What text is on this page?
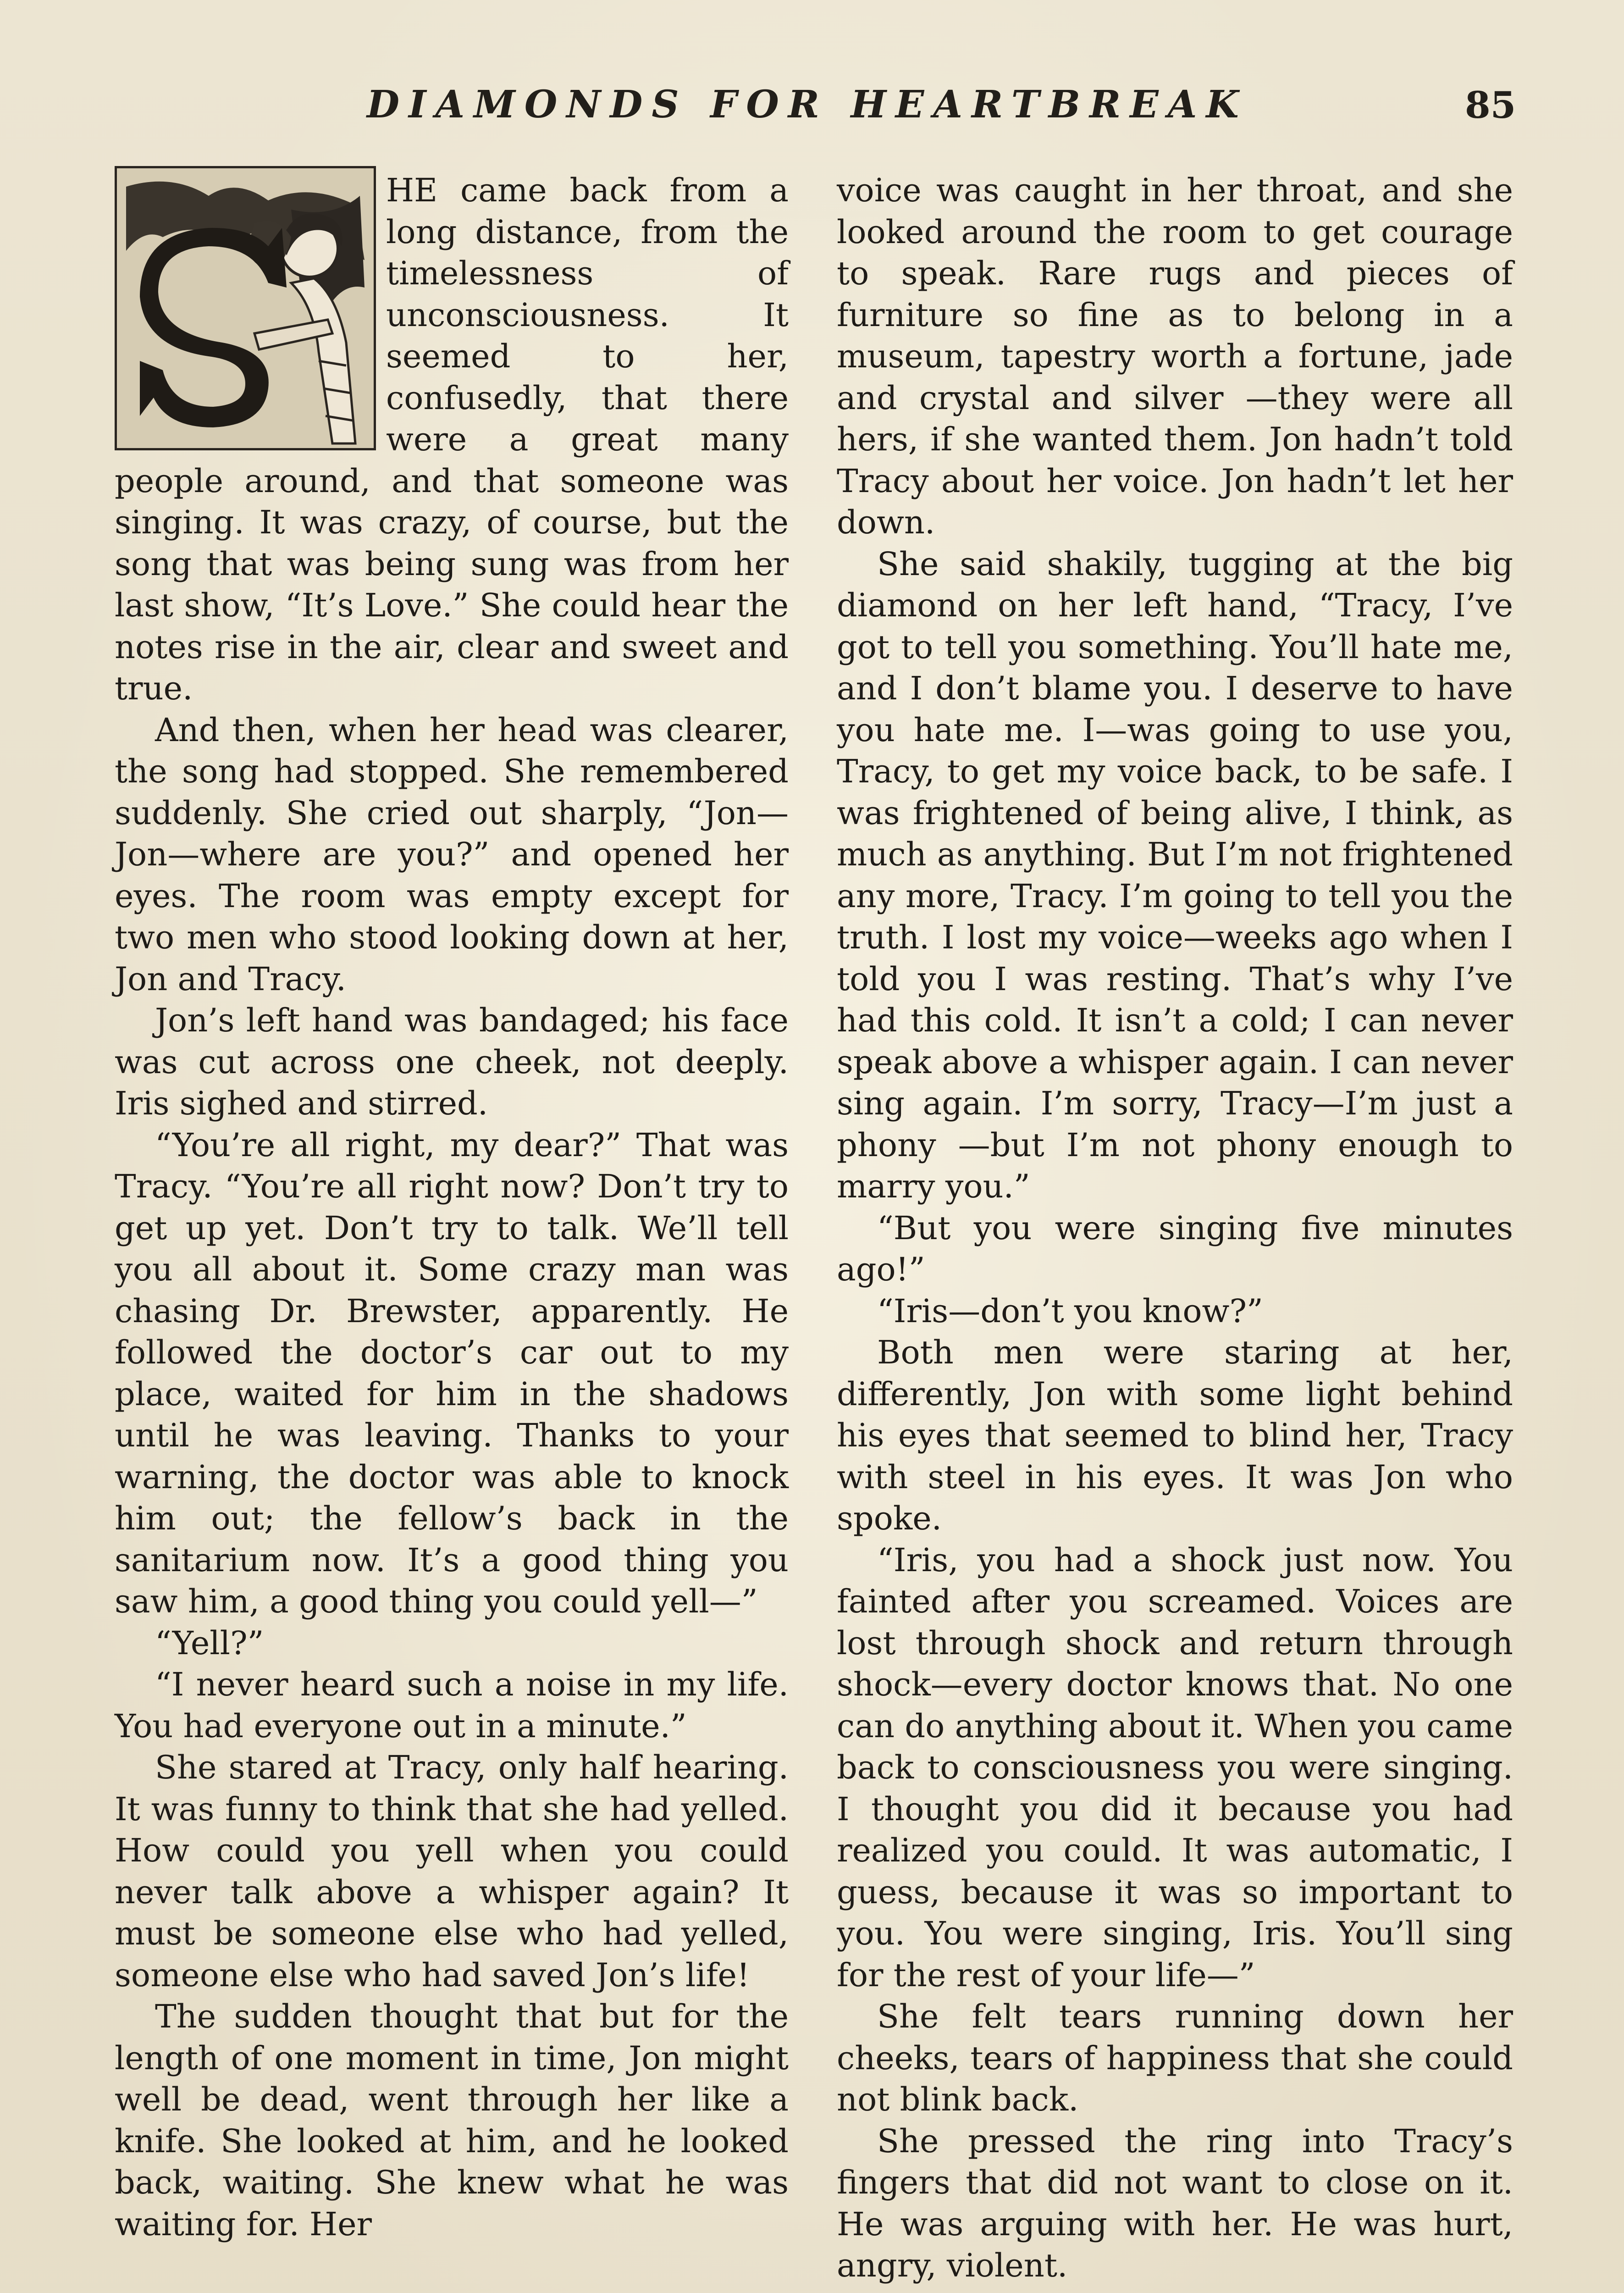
DIAMONDS FOR HEARTBREAK	85

HE came back from a long distance, from the timelessness of unconsciousness. It seemed to her, confusedly, that there were a great many people around, and that someone was singing. It was crazy, of course, but the song that was being sung was from her last show, “It’s Love.” She could hear the notes rise in the air, clear and sweet and true.

And then, when her head was clearer, the song had stopped. She remembered suddenly. She cried out sharply, “Jon—Jon—where are you?” and opened her eyes. The room was empty except for two men who stood looking down at her, Jon and Tracy.

Jon’s left hand was bandaged; his face was cut across one cheek, not deeply. Iris sighed and stirred.

“You’re all right, my dear?” That was Tracy. “You’re all right now? Don’t try to get up yet. Don’t try to talk. We’ll tell you all about it. Some crazy man was chasing Dr. Brewster, apparently. He followed the doctor’s car out to my place, waited for him in the shadows until he was leaving. Thanks to your warning, the doctor was able to knock him out; the fellow’s back in the sanitarium now. It’s a good thing you saw him, a good thing you could yell—”

“Yell?”

“I never heard such a noise in my life. You had everyone out in a minute.”

She stared at Tracy, only half hearing. It was funny to think that she had yelled. How could you yell when you could never talk above a whisper again? It must be someone else who had yelled, someone else who had saved Jon’s life!

The sudden thought that but for the length of one moment in time, Jon might well be dead, went through her like a knife. She looked at him, and he looked back, waiting. She knew what he was waiting for. Her

voice was caught in her throat, and she looked around the room to get courage to speak. Rare rugs and pieces of furniture so fine as to belong in a museum, tapestry worth a fortune, jade and crystal and silver —they were all hers, if she wanted them. Jon hadn’t told Tracy about her voice. Jon hadn’t let her down.

She said shakily, tugging at the big diamond on her left hand, “Tracy, I’ve got to tell you something. You’ll hate me, and I don’t blame you. I deserve to have you hate me. I—was going to use you, Tracy, to get my voice back, to be safe. I was frightened of being alive, I think, as much as anything. But I’m not frightened any more, Tracy. I’m going to tell you the truth. I lost my voice—weeks ago when I told you I was resting. That’s why I’ve had this cold. It isn’t a cold; I can never speak above a whisper again. I can never sing again. I’m sorry, Tracy—I’m just a phony —but I’m not phony enough to marry you.”

“But you were singing five minutes ago!”

“Iris—don’t you know?”

Both men were staring at her, differently, Jon with some light behind his eyes that seemed to blind her, Tracy with steel in his eyes. It was Jon who spoke.

“Iris, you had a shock just now. You fainted after you screamed. Voices are lost through shock and return through shock—every doctor knows that. No one can do anything about it. When you came back to consciousness you were singing. I thought you did it because you had realized you could. It was automatic, I guess, because it was so important to you. You were singing, Iris. You’ll sing for the rest of your life—”

She felt tears running down her cheeks, tears of happiness that she could not blink back.

She pressed the ring into Tracy’s fingers that did not want to close on it. He was arguing with her. He was hurt, angry, violent.
